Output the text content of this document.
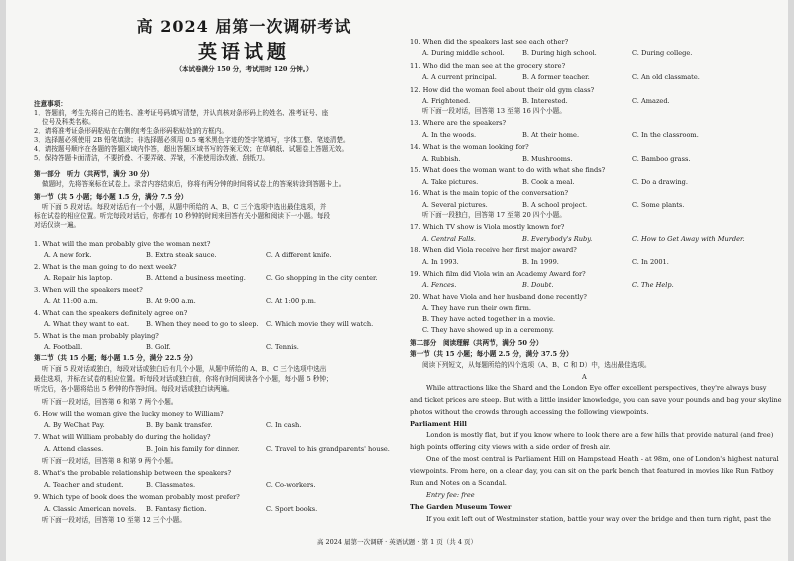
高 2024 届第一次调研考试
英语试题
（本试卷满分 150 分，考试用时 120 分钟。）
注意事项：
1．答题前，考生先将自己的姓名、准考证号码填写清楚，并认真核对条形码上的姓名、准考证号、座
位号及科类名称。
2．请将准考证条形码粘贴在右侧的[考生条形码粘贴处]的方框内。
3．选择题必须使用 2B 铅笔填涂；非选择题必须用 0.5 毫米黑色字迹的签字笔填写，字体工整、笔迹清楚。
4．请按题号顺序在各题的答题区域内作答，超出答题区域书写的答案无效；在草稿纸、试题卷上答题无效。
5．保持答题卡面清洁，不要折叠、不要弄破、弄皱，不准使用涂改液、刮纸刀。
第一部分　听力（共两节，满分 30 分）
做题时，先将答案标在试卷上。录音内容结束后，你将有两分钟的时间将试卷上的答案转涂到答题卡上。
第一节（共 5 小题；每小题 1.5 分，满分 7.5 分）
听下面 5 段对话。每段对话后有一个小题，从题中所给的 A、B、C 三个选项中选出最佳选项，并
标在试卷的相应位置。听完每段对话后，你都有 10 秒钟的时间来回答有关小题和阅读下一小题。每段
对话仅读一遍。
1. What will the man probably give the woman next?
A. A new fork.	B. Extra steak sauce.	C. A different knife.
2. What is the man going to do next week?
A. Repair his laptop.	B. Attend a business meeting.	C. Go shopping in the city center.
3. When will the speakers meet?
A. At 11:00 a.m.	B. At 9:00 a.m.	C. At 1:00 p.m.
4. What can the speakers definitely agree on?
A. What they want to eat.	B. When they need to go to sleep. C. Which movie they will watch.
5. What is the man probably playing?
A. Football.	B. Golf.	C. Tennis.
第二节（共 15 小题；每小题 1.5 分，满分 22.5 分）
听下面 5 段对话或独白，每段对话或独白后有几个小题，从题中所给的 A、B、C 三个选项中选出
最佳选项，并标在试卷的相应位置。听每段对话或独白前，你将有时间阅读各个小题，每小题 5 秒钟；
听完后，各小题将给出 5 秒钟的作答时间。每段对话或独白读两遍。
听下面一段对话，回答第 6 和第 7 两个小题。
6. How will the woman give the lucky money to William?
A. By WeChat Pay.	B. By bank transfer.	C. In cash.
7. What will William probably do during the holiday?
A. Attend classes.	B. Join his family for dinner.	C. Travel to his grandparents' house.
听下面一段对话，回答第 8 和第 9 两个小题。
8. What's the probable relationship between the speakers?
A. Teacher and student.	B. Classmates.	C. Co-workers.
9. Which type of book does the woman probably most prefer?
A. Classic American novels. B. Fantasy fiction.	C. Sport books.
听下面一段对话，回答第 10 至第 12 三个小题。
10. When did the speakers last see each other?
A. During middle school.	B. During high school.	C. During college.
11. Who did the man see at the grocery store?
A. A current principal.	B. A former teacher.	C. An old classmate.
12. How did the woman feel about their old gym class?
A. Frightened.	B. Interested.	C. Amazed.
听下面一段对话，回答第 13 至第 16 四个小题。
13. Where are the speakers?
A. In the woods.	B. At their home.	C. In the classroom.
14. What is the woman looking for?
A. Rubbish.	B. Mushrooms.	C. Bamboo grass.
15. What does the woman want to do with what she finds?
A. Take pictures.	B. Cook a meal.	C. Do a drawing.
16. What is the main topic of the conversation?
A. Several pictures.	B. A school project.	C. Some plants.
听下面一段独白，回答第 17 至第 20 四个小题。
17. Which TV show is Viola mostly known for?
A. Central Falls.	B. Everybody's Ruby.	C. How to Get Away with Murder.
18. When did Viola receive her first major award?
A. In 1993.	B. In 1999.	C. In 2001.
19. Which film did Viola win an Academy Award for?
A. Fences.	B. Doubt.	C. The Help.
20. What have Viola and her husband done recently?
A. They have run their own firm.
B. They have acted together in a movie.
C. They have showed up in a ceremony.
第二部分　阅读理解（共两节，满分 50 分）
第一节（共 15 小题；每小题 2.5 分，满分 37.5 分）
阅读下列短文，从每题所给的四个选项（A、B、C 和 D）中，选出最佳选项。
A
While attractions like the Shard and the London Eye offer excellent perspectives, they're always busy
and ticket prices are steep. But with a little insider knowledge, you can save your pounds and bag your skyline
photos without the crowds through accessing the following viewpoints.
Parliament Hill
London is mostly flat, but if you know where to look there are a few hills that provide natural (and free)
high points offering city views with a side order of fresh air.
One of the most central is Parliament Hill on Hampstead Heath - at 98m, one of London's highest natural
viewpoints. From here, on a clear day, you can sit on the park bench that featured in movies like Run Fatboy
Run and Notes on a Scandal.
Entry fee: free
The Garden Museum Tower
If you exit left out of Westminster station, battle your way over the bridge and then turn right, past the
高 2024 届第一次调研 · 英语试题 · 第 1 页（共 4 页）
